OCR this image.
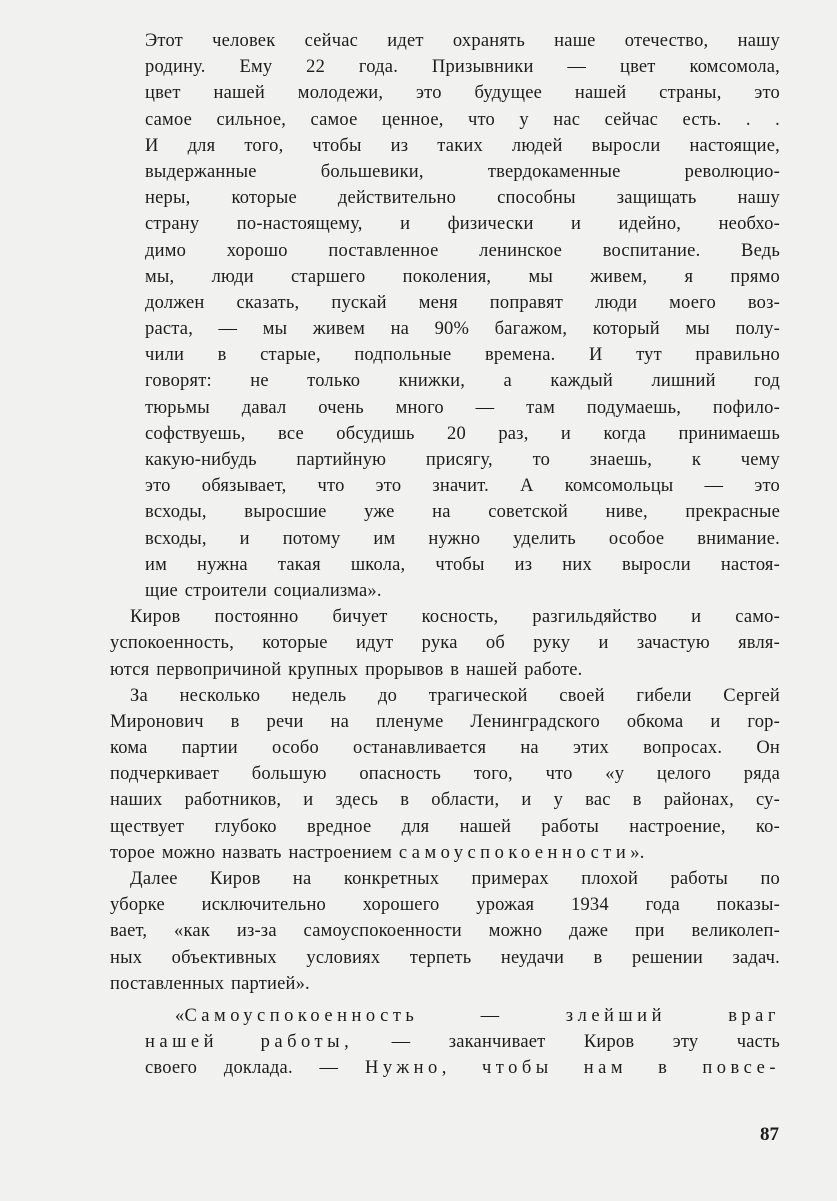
Этот человек сейчас идет охранять наше отечество, нашу
родину. Ему 22 года. Призывники — цвет комсомола,
цвет нашей молодежи, это будущее нашей страны, это
самое сильное, самое ценное, что у нас сейчас есть. . .
И для того, чтобы из таких людей выросли настоящие,
выдержанные большевики, твердокаменные революцио-
неры, которые действительно способны защищать нашу
страну по-настоящему, и физически и идейно, необхо-
димо хорошо поставленное ленинское воспитание. Ведь
мы, люди старшего поколения, мы живем, я прямо
должен сказать, пускай меня поправят люди моего воз-
раста, — мы живем на 90% багажом, который мы полу-
чили в старые, подпольные времена. И тут правильно
говорят: не только книжки, а каждый лишний год
тюрьмы давал очень много — там подумаешь, пофило-
софствуешь, все обсудишь 20 раз, и когда принимаешь
какую-нибудь партийную присягу, то знаешь, к чему
это обязывает, что это значит. А комсомольцы — это
всходы, выросшие уже на советской ниве, прекрасные
всходы, и потому им нужно уделить особое внимание.
им нужна такая школа, чтобы из них выросли настоя-
щие строители социализма».
Киров постоянно бичует косность, разгильдяйство и само-
успокоенность, которые идут рука об руку и зачастую явля-
ются первопричиной крупных прорывов в нашей работе.
За несколько недель до трагической своей гибели Сергей
Миронович в речи на пленуме Ленинградского обкома и гор-
кома партии особо останавливается на этих вопросах. Он
подчеркивает большую опасность того, что «у целого ряда
наших работников, и здесь в области, и у вас в районах, су-
ществует глубоко вредное для нашей работы настроение, ко-
торое можно назвать настроением самоуспокоенности».
Далее Киров на конкретных примерах плохой работы по
уборке исключительно хорошего урожая 1934 года показы-
вает, «как из-за самоуспокоенности можно даже при великолеп-
ных объективных условиях терпеть неудачи в решении задач.
поставленных партией».
«Самоуспокоенность — злейший враг
нашей работы, — заканчивает Киров эту часть
своего доклада. — Нужно, чтобы нам в повсе-
87
